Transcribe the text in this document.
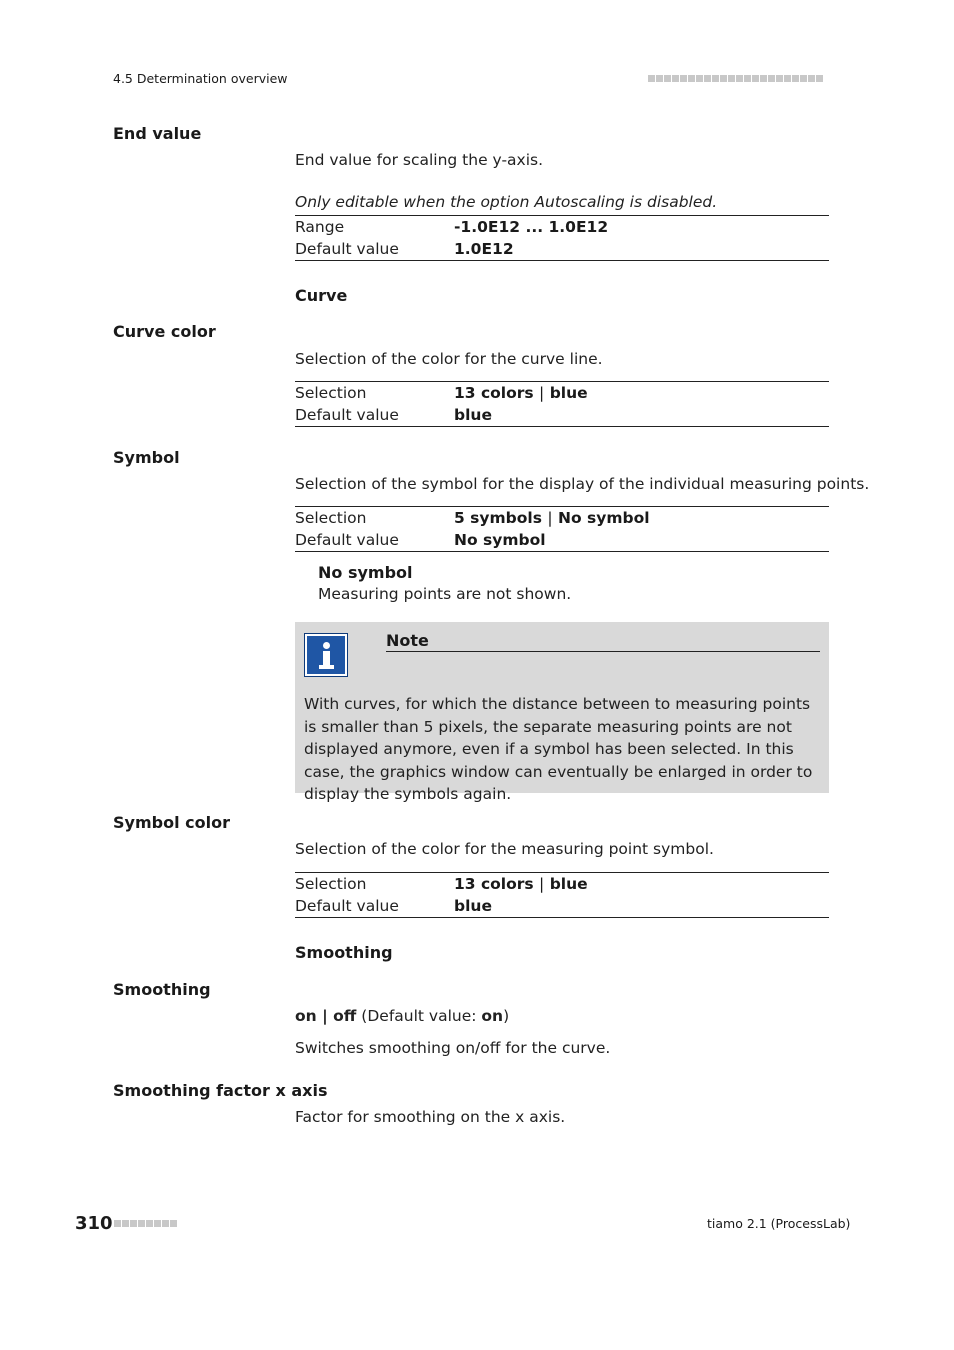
4.5 Determination overview
End value
End value for scaling the y-axis.
Only editable when the option Autoscaling is disabled.
Range	-1.0E12 ... 1.0E12
Default value	1.0E12
Curve
Curve color
Selection of the color for the curve line.
Selection	13 colors | blue
Default value	blue
Symbol
Selection of the symbol for the display of the individual measuring points.
Selection	5 symbols | No symbol
Default value	No symbol
No symbol
Measuring points are not shown.
Note
With curves, for which the distance between to measuring points is smaller than 5 pixels, the separate measuring points are not displayed anymore, even if a symbol has been selected. In this case, the graphics window can eventually be enlarged in order to display the symbols again.
Symbol color
Selection of the color for the measuring point symbol.
Selection	13 colors | blue
Default value	blue
Smoothing
Smoothing
on | off (Default value: on)
Switches smoothing on/off for the curve.
Smoothing factor x axis
Factor for smoothing on the x axis.
310	tiamo 2.1 (ProcessLab)
